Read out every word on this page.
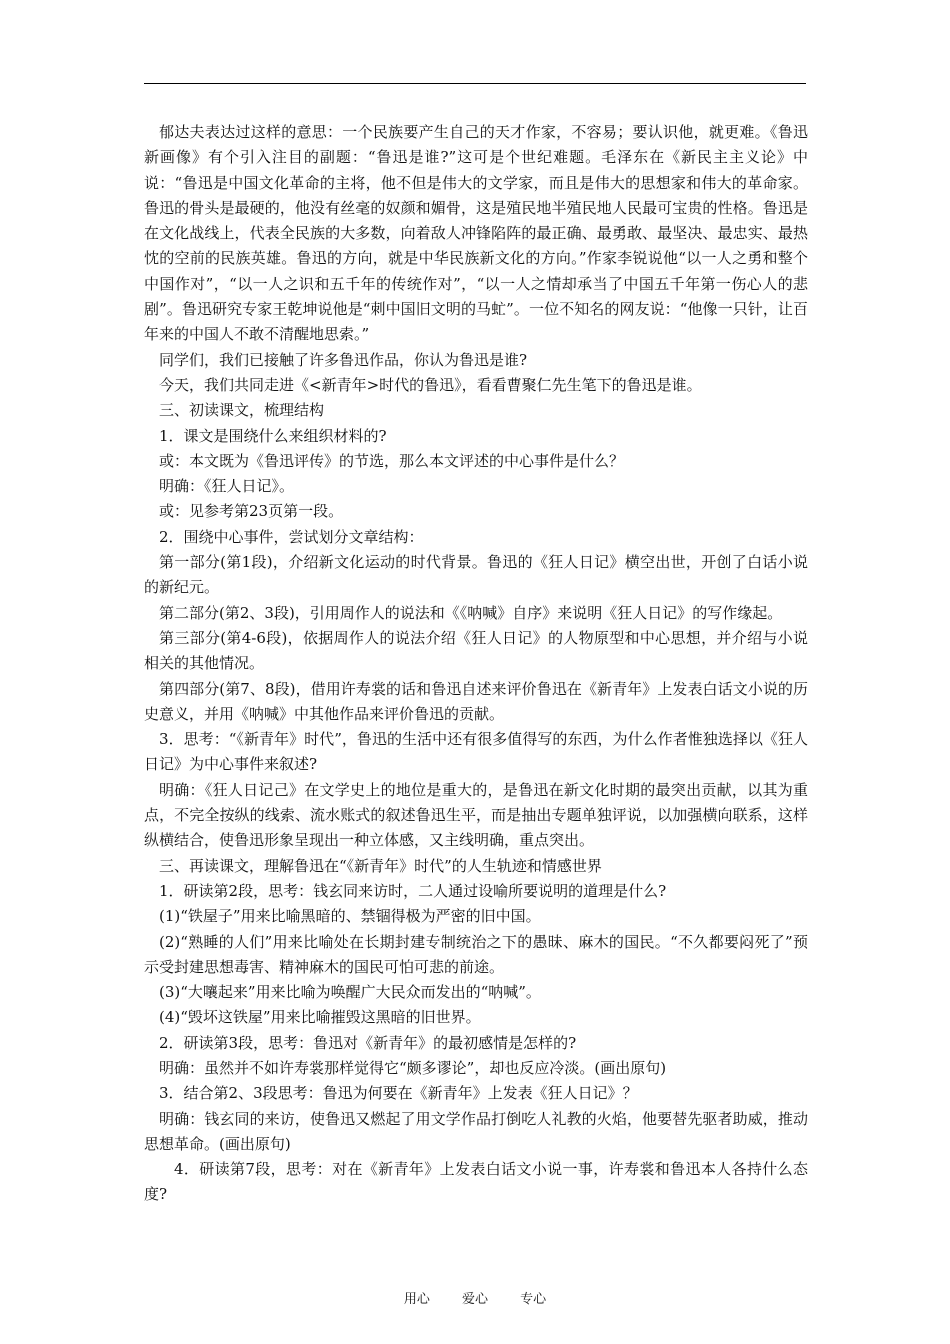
郁达夫表达过这样的意思：一个民族要产生自己的天才作家，不容易；要认识他，就更难。《鲁迅新画像》有个引入注目的副题：“鲁迅是谁?”这可是个世纪难题。毛泽东在《新民主主义论》中说：“鲁迅是中国文化革命的主将，他不但是伟大的文学家，而且是伟大的思想家和伟大的革命家。鲁迅的骨头是最硬的，他没有丝毫的奴颜和媚骨，这是殖民地半殖民地人民最可宝贵的性格。鲁迅是在文化战线上，代表全民族的大多数，向着敌人冲锋陷阵的最正确、最勇敢、最坚决、最忠实、最热忱的空前的民族英雄。鲁迅的方向，就是中华民族新文化的方向。”作家李锐说他“以一人之勇和整个中国作对”，“以一人之识和五千年的传统作对”，“以一人之情却承当了中国五千年第一伤心人的悲剧”。鲁迅研究专家王乾坤说他是“刺中国旧文明的马虻”。一位不知名的网友说：“他像一只针，让百年来的中国人不敢不清醒地思索。”

同学们，我们已接触了许多鲁迅作品，你认为鲁迅是谁?

今天，我们共同走进《<新青年>时代的鲁迅》，看看曹聚仁先生笔下的鲁迅是谁。

三、初读课文，梳理结构

1．课文是围绕什么来组织材料的?

或：本文既为《鲁迅评传》的节选，那么本文评述的中心事件是什么？

明确：《狂人日记》。

或：见参考第23页第一段。

2．围绕中心事件，尝试划分文章结构：

第一部分(第1段)，介绍新文化运动的时代背景。鲁迅的《狂人日记》横空出世，开创了白话小说的新纪元。

第二部分(第2、3段)，引用周作人的说法和《《呐喊》自序》来说明《狂人日记》的写作缘起。

第三部分(第4-6段)，依据周作人的说法介绍《狂人日记》的人物原型和中心思想，并介绍与小说相关的其他情况。

第四部分(第7、8段)，借用许寿裳的话和鲁迅自述来评价鲁迅在《新青年》上发表白话文小说的历史意义，并用《呐喊》中其他作品来评价鲁迅的贡献。

3．思考：“《新青年》时代”，鲁迅的生活中还有很多值得写的东西，为什么作者惟独选择以《狂人日记》为中心事件来叙述?

明确：《狂人日记己》在文学史上的地位是重大的，是鲁迅在新文化时期的最突出贡献，以其为重点，不完全按纵的线索、流水账式的叙述鲁迅生平，而是抽出专题单独评说，以加强横向联系，这样纵横结合，使鲁迅形象呈现出一种立体感，又主线明确，重点突出。

三、再读课文，理解鲁迅在“《新青年》时代”的人生轨迹和情感世界

1．研读第2段，思考：钱玄同来访时，二人通过设喻所要说明的道理是什么?

(1)“铁屋子”用来比喻黑暗的、禁锢得极为严密的旧中国。

(2)“熟睡的人们”用来比喻处在长期封建专制统治之下的愚昧、麻木的国民。“不久都要闷死了”预示受封建思想毒害、精神麻木的国民可怕可悲的前途。

(3)“大嚷起来”用来比喻为唤醒广大民众而发出的“呐喊”。

(4)“毁坏这铁屋”用来比喻摧毁这黑暗的旧世界。

2．研读第3段，思考：鲁迅对《新青年》的最初感情是怎样的?

明确：虽然并不如许寿裳那样觉得它“颇多谬论”，却也反应冷淡。(画出原句)

3．结合第2、3段思考：鲁迅为何要在《新青年》上发表《狂人日记》？

明确：钱玄同的来访，使鲁迅又燃起了用文学作品打倒吃人礼教的火焰，他要替先驱者助威，推动思想革命。(画出原句)

4．研读第7段，思考：对在《新青年》上发表白话文小说一事，许寿裳和鲁迅本人各持什么态度?

用心 爱心 专心
